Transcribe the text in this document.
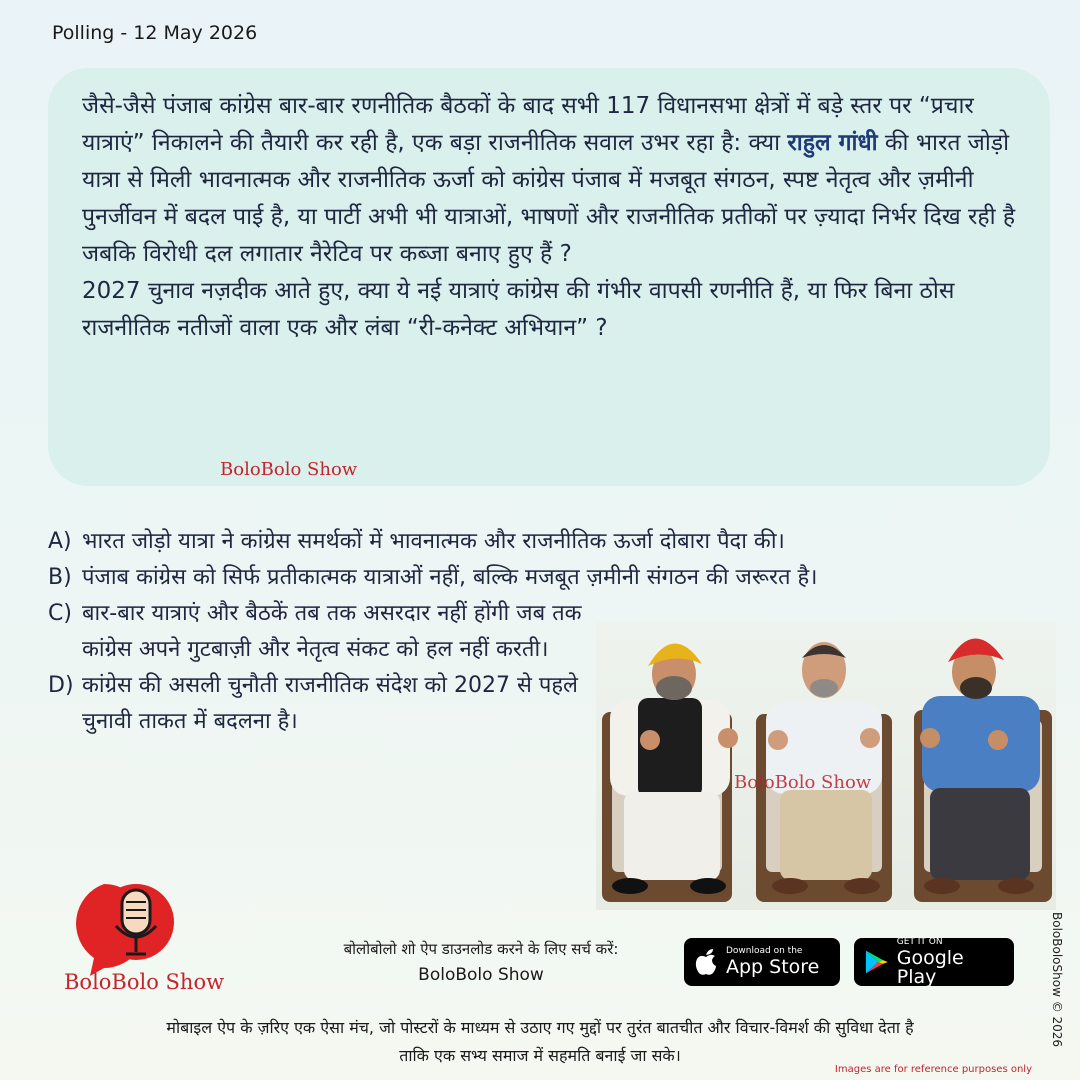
Polling - 12 May 2026

जैसे-जैसे पंजाब कांग्रेस बार-बार रणनीतिक बैठकों के बाद सभी 117 विधानसभा क्षेत्रों में बड़े स्तर पर “प्रचार यात्राएं” निकालने की तैयारी कर रही है, एक बड़ा राजनीतिक सवाल उभर रहा है: क्या राहुल गांधी की भारत जोड़ो यात्रा से मिली भावनात्मक और राजनीतिक ऊर्जा को कांग्रेस पंजाब में मजबूत संगठन, स्पष्ट नेतृत्व और ज़मीनी पुनर्जीवन में बदल पाई है, या पार्टी अभी भी यात्राओं, भाषणों और राजनीतिक प्रतीकों पर ज़्यादा निर्भर दिख रही है जबकि विरोधी दल लगातार नैरेटिव पर कब्जा बनाए हुए हैं ?
2027 चुनाव नज़दीक आते हुए, क्या ये नई यात्राएं कांग्रेस की गंभीर वापसी रणनीति हैं, या फिर बिना ठोस राजनीतिक नतीजों वाला एक और लंबा “री-कनेक्ट अभियान” ?

BoloBolo Show
A) भारत जोड़ो यात्रा ने कांग्रेस समर्थकों में भावनात्मक और राजनीतिक ऊर्जा दोबारा पैदा की।
B) पंजाब कांग्रेस को सिर्फ प्रतीकात्मक यात्राओं नहीं, बल्कि मजबूत ज़मीनी संगठन की जरूरत है।
C) बार-बार यात्राएं और बैठकें तब तक असरदार नहीं होंगी जब तक कांग्रेस अपने गुटबाज़ी और नेतृत्व संकट को हल नहीं करती।
D) कांग्रेस की असली चुनौती राजनीतिक संदेश को 2027 से पहले चुनावी ताकत में बदलना है।
BoloBolo Show
BoloBolo Show
बोलोबोलो शो ऐप डाउनलोड करने के लिए सर्च करें:
BoloBolo Show
Download on the
App Store
GET IT ON
Google Play
मोबाइल ऐप के ज़रिए एक ऐसा मंच, जो पोस्टरों के माध्यम से उठाए गए मुद्दों पर तुरंत बातचीत और विचार-विमर्श की सुविधा देता है
ताकि एक सभ्य समाज में सहमति बनाई जा सके।
BoloBoloShow © 2026
Images are for reference purposes only
